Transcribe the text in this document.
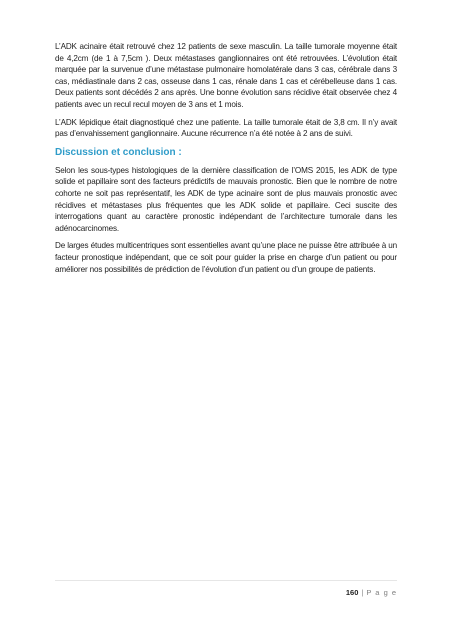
L’ADK acinaire était retrouvé chez 12 patients de sexe masculin. La taille tumorale moyenne était de 4,2cm (de 1 à 7,5cm ). Deux métastases ganglionnaires ont été retrouvées. L’évolution était marquée par la survenue d’une métastase pulmonaire homolatérale dans 3 cas, cérébrale dans 3 cas, médiastinale dans 2 cas, osseuse dans 1 cas, rénale dans 1 cas et cérébelleuse dans 1 cas. Deux patients sont décédés 2 ans après. Une bonne évolution sans récidive était observée chez 4 patients avec un recul recul moyen de 3 ans et 1 mois.

L’ADK lépidique était diagnostiqué chez une patiente. La taille tumorale était de 3,8 cm. Il n’y avait pas d’envahissement ganglionnaire. Aucune récurrence n’a été notée à 2 ans de suivi.

Discussion et conclusion :

Selon les sous-types histologiques de la dernière classification de l’OMS 2015, les ADK de type solide et papillaire sont des facteurs prédictifs de mauvais pronostic. Bien que le nombre de notre cohorte ne soit pas représentatif, les ADK de type acinaire sont de plus mauvais pronostic avec récidives et métastases plus fréquentes que les ADK solide et papillaire. Ceci suscite des interrogations quant au caractère pronostic indépendant de l’architecture tumorale dans les adénocarcinomes.

De larges études multicentriques sont essentielles avant qu’une place ne puisse être attribuée à un facteur pronostique indépendant, que ce soit pour guider la prise en charge d’un patient ou pour améliorer nos possibilités de prédiction de l’évolution d’un patient ou d’un groupe de patients.

160 | P a g e
